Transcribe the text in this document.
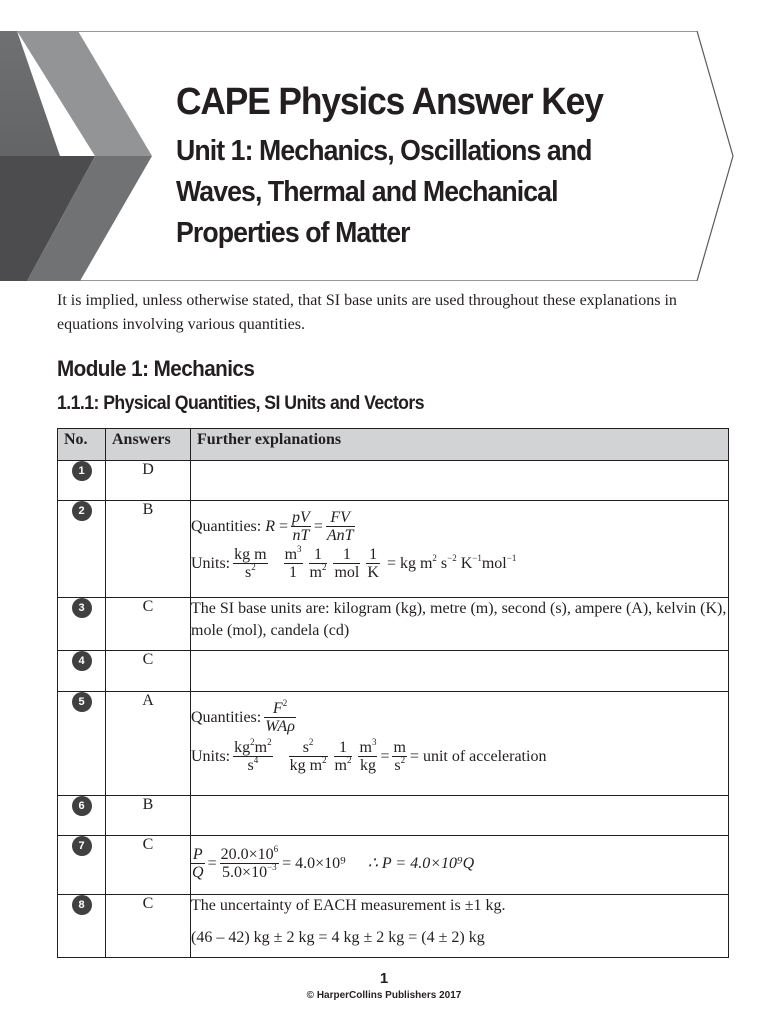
CAPE Physics Answer Key
Unit 1: Mechanics, Oscillations and Waves, Thermal and Mechanical Properties of Matter

It is implied, unless otherwise stated, that SI base units are used throughout these explanations in equations involving various quantities.

Module 1: Mechanics
1.1.1: Physical Quantities, SI Units and Vectors
No.	Answers	Further explanations
1	D	
2	B	
Quantities:
$R = \frac{pV}{nT} = \frac{FV}{\text{AnT}}$
Units: $\frac{\text{kg m}}{s^2} \frac{m^3}{1} \frac{1}{m^2} \frac{1}{\text{mol}} \frac{1}{K}$ = kg $m^2$ $s^{-2}$ $K^{-1}mol^{-1}$

3	C	The SI base units are: kilogram (kg), metre (m), second (s), ampere (A), kelvin (K), mole (mol), candela (cd)
4	C	
5	A	
Quantities: $\frac{F^2}{\text{WAρ}}$
Units: $\frac{kg^2m^2}{s^4} \frac{s^2}{kg m^2} \frac{1}{m^2} \frac{m^3}{kg} = \frac{m}{s^2}$ = unit of acceleration

6	B	
7	C	
$\frac{P}{Q} = \frac{20.0\times 10^6}{5.0\times 10^{-3}} = 4.0\times 10^9$ ∴ P = 4.0×10⁹Q

8	C	The uncertainty of EACH measurement is ±1 kg.
(46 – 42) kg ± 2 kg = 4 kg ± 2 kg = (4 ± 2) kg
1
© HarperCollins Publishers 2017
